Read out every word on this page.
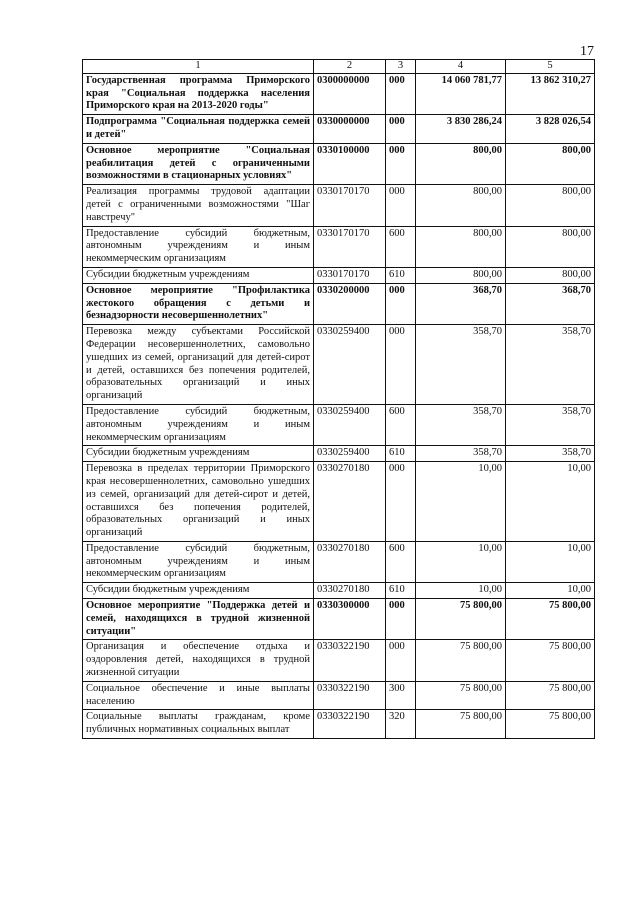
17
1	2	3	4	5
Государственная программа Приморского края "Социальная поддержка населения Приморского края на 2013-2020 годы"	0300000000	000	14 060 781,77	13 862 310,27
Подпрограмма "Социальная поддержка семей и детей"	0330000000	000	3 830 286,24	3 828 026,54
Основное мероприятие "Социальная реабилитация детей с ограниченными возможностями в стационарных условиях"	0330100000	000	800,00	800,00
Реализация программы трудовой адаптации детей с ограниченными возможностями "Шаг навстречу"	0330170170	000	800,00	800,00
Предоставление субсидий бюджетным, автономным учреждениям и иным некоммерческим организациям	0330170170	600	800,00	800,00
Субсидии бюджетным учреждениям	0330170170	610	800,00	800,00
Основное мероприятие "Профилактика жестокого обращения с детьми и безнадзорности несовершеннолетних"	0330200000	000	368,70	368,70
Перевозка между субъектами Российской Федерации несовершеннолетних, самовольно ушедших из семей, организаций для детей-сирот и детей, оставшихся без попечения родителей, образовательных организаций и иных организаций	0330259400	000	358,70	358,70
Предоставление субсидий бюджетным, автономным учреждениям и иным некоммерческим организациям	0330259400	600	358,70	358,70
Субсидии бюджетным учреждениям	0330259400	610	358,70	358,70
Перевозка в пределах территории Приморского края несовершеннолетних, самовольно ушедших из семей, организаций для детей-сирот и детей, оставшихся без попечения родителей, образовательных организаций и иных организаций	0330270180	000	10,00	10,00
Предоставление субсидий бюджетным, автономным учреждениям и иным некоммерческим организациям	0330270180	600	10,00	10,00
Субсидии бюджетным учреждениям	0330270180	610	10,00	10,00
Основное мероприятие "Поддержка детей и семей, находящихся в трудной жизненной ситуации"	0330300000	000	75 800,00	75 800,00
Организация и обеспечение отдыха и оздоровления детей, находящихся в трудной жизненной ситуации	0330322190	000	75 800,00	75 800,00
Социальное обеспечение и иные выплаты населению	0330322190	300	75 800,00	75 800,00
Социальные выплаты гражданам, кроме публичных нормативных социальных выплат	0330322190	320	75 800,00	75 800,00
